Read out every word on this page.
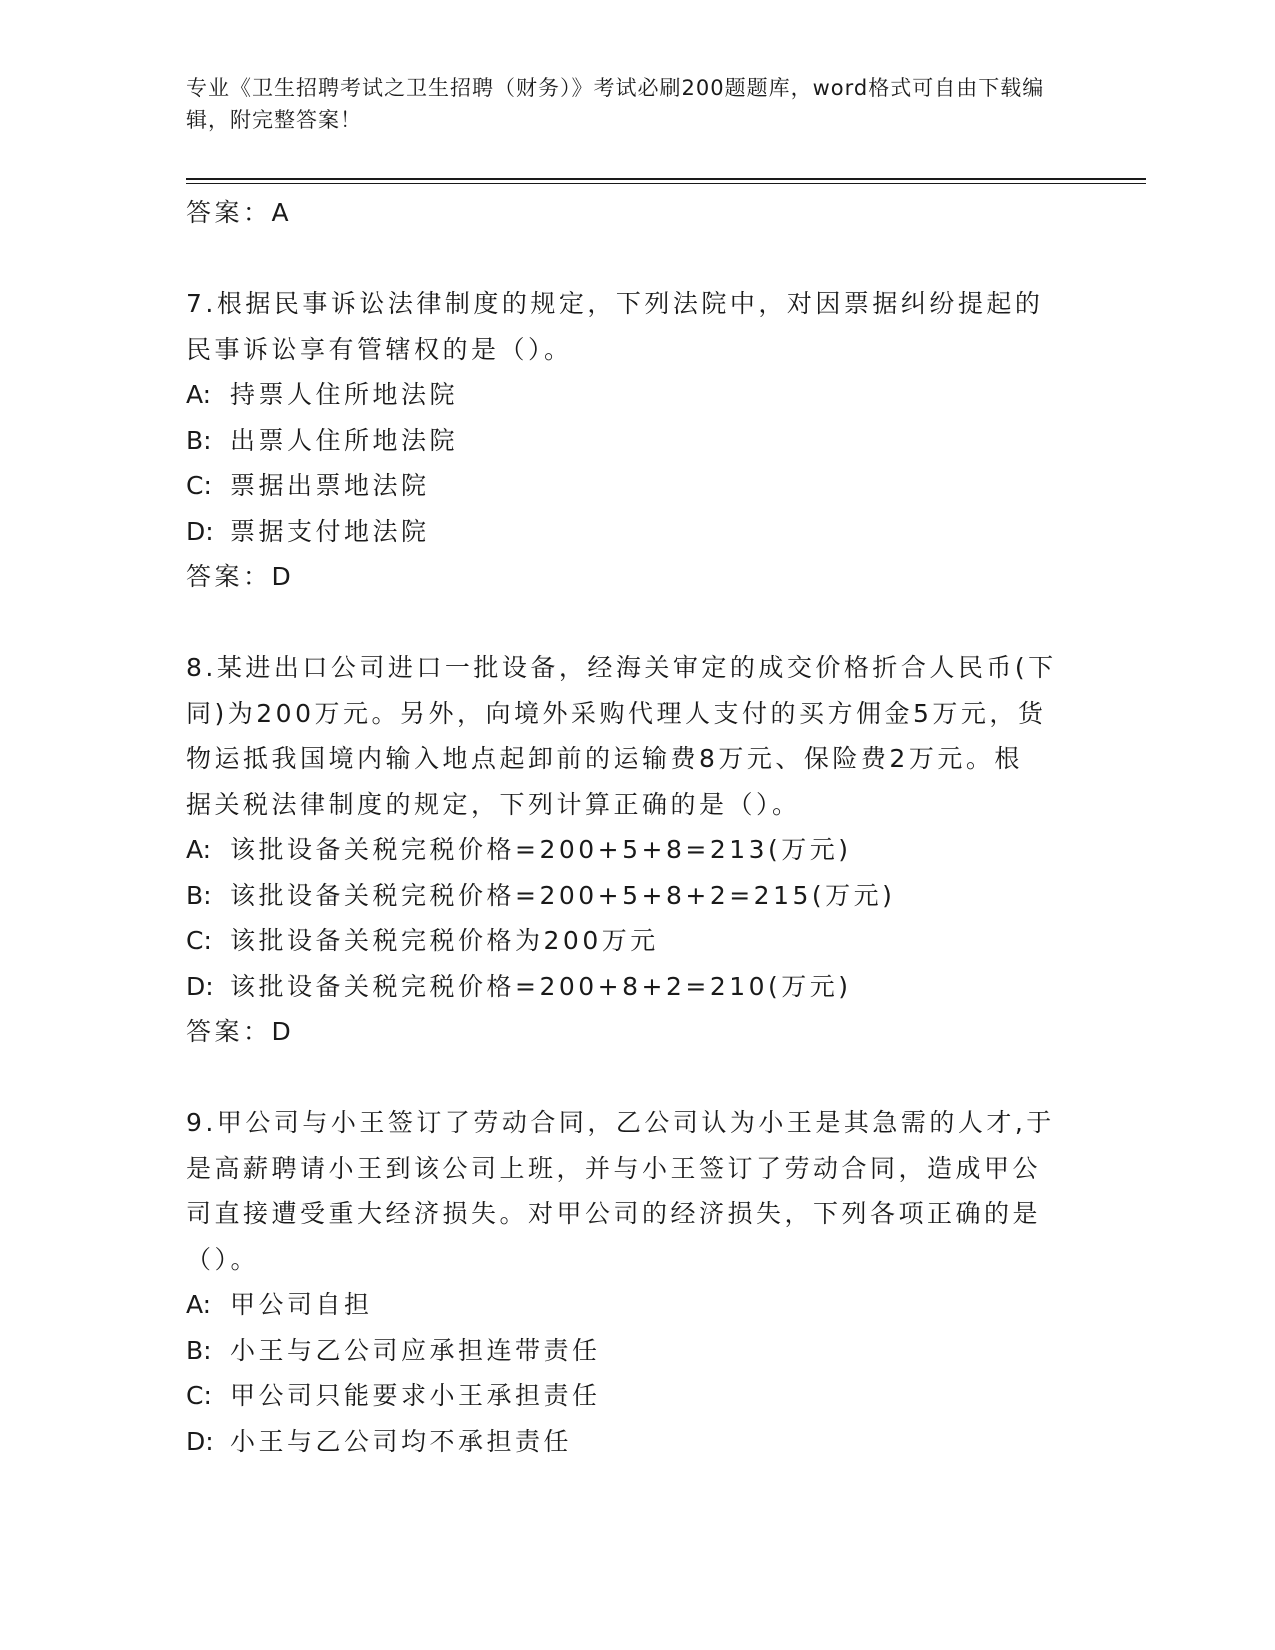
专业《卫生招聘考试之卫生招聘（财务）》考试必刷200题题库，word格式可自由下载编辑，附完整答案！
答案：A
7.根据民事诉讼法律制度的规定，下列法院中，对因票据纠纷提起的
民事诉讼享有管辖权的是（）。
A: 持票人住所地法院
B: 出票人住所地法院
C: 票据出票地法院
D: 票据支付地法院
答案：D
8.某进出口公司进口一批设备，经海关审定的成交价格折合人民币(下
同)为200万元。另外，向境外采购代理人支付的买方佣金5万元，货
物运抵我国境内输入地点起卸前的运输费8万元、保险费2万元。根
据关税法律制度的规定，下列计算正确的是（）。
A: 该批设备关税完税价格=200+5+8=213(万元)
B: 该批设备关税完税价格=200+5+8+2=215(万元)
C: 该批设备关税完税价格为200万元
D: 该批设备关税完税价格=200+8+2=210(万元)
答案：D
9.甲公司与小王签订了劳动合同，乙公司认为小王是其急需的人才,于
是高薪聘请小王到该公司上班，并与小王签订了劳动合同，造成甲公
司直接遭受重大经济损失。对甲公司的经济损失，下列各项正确的是
（）。
A: 甲公司自担
B: 小王与乙公司应承担连带责任
C: 甲公司只能要求小王承担责任
D: 小王与乙公司均不承担责任
